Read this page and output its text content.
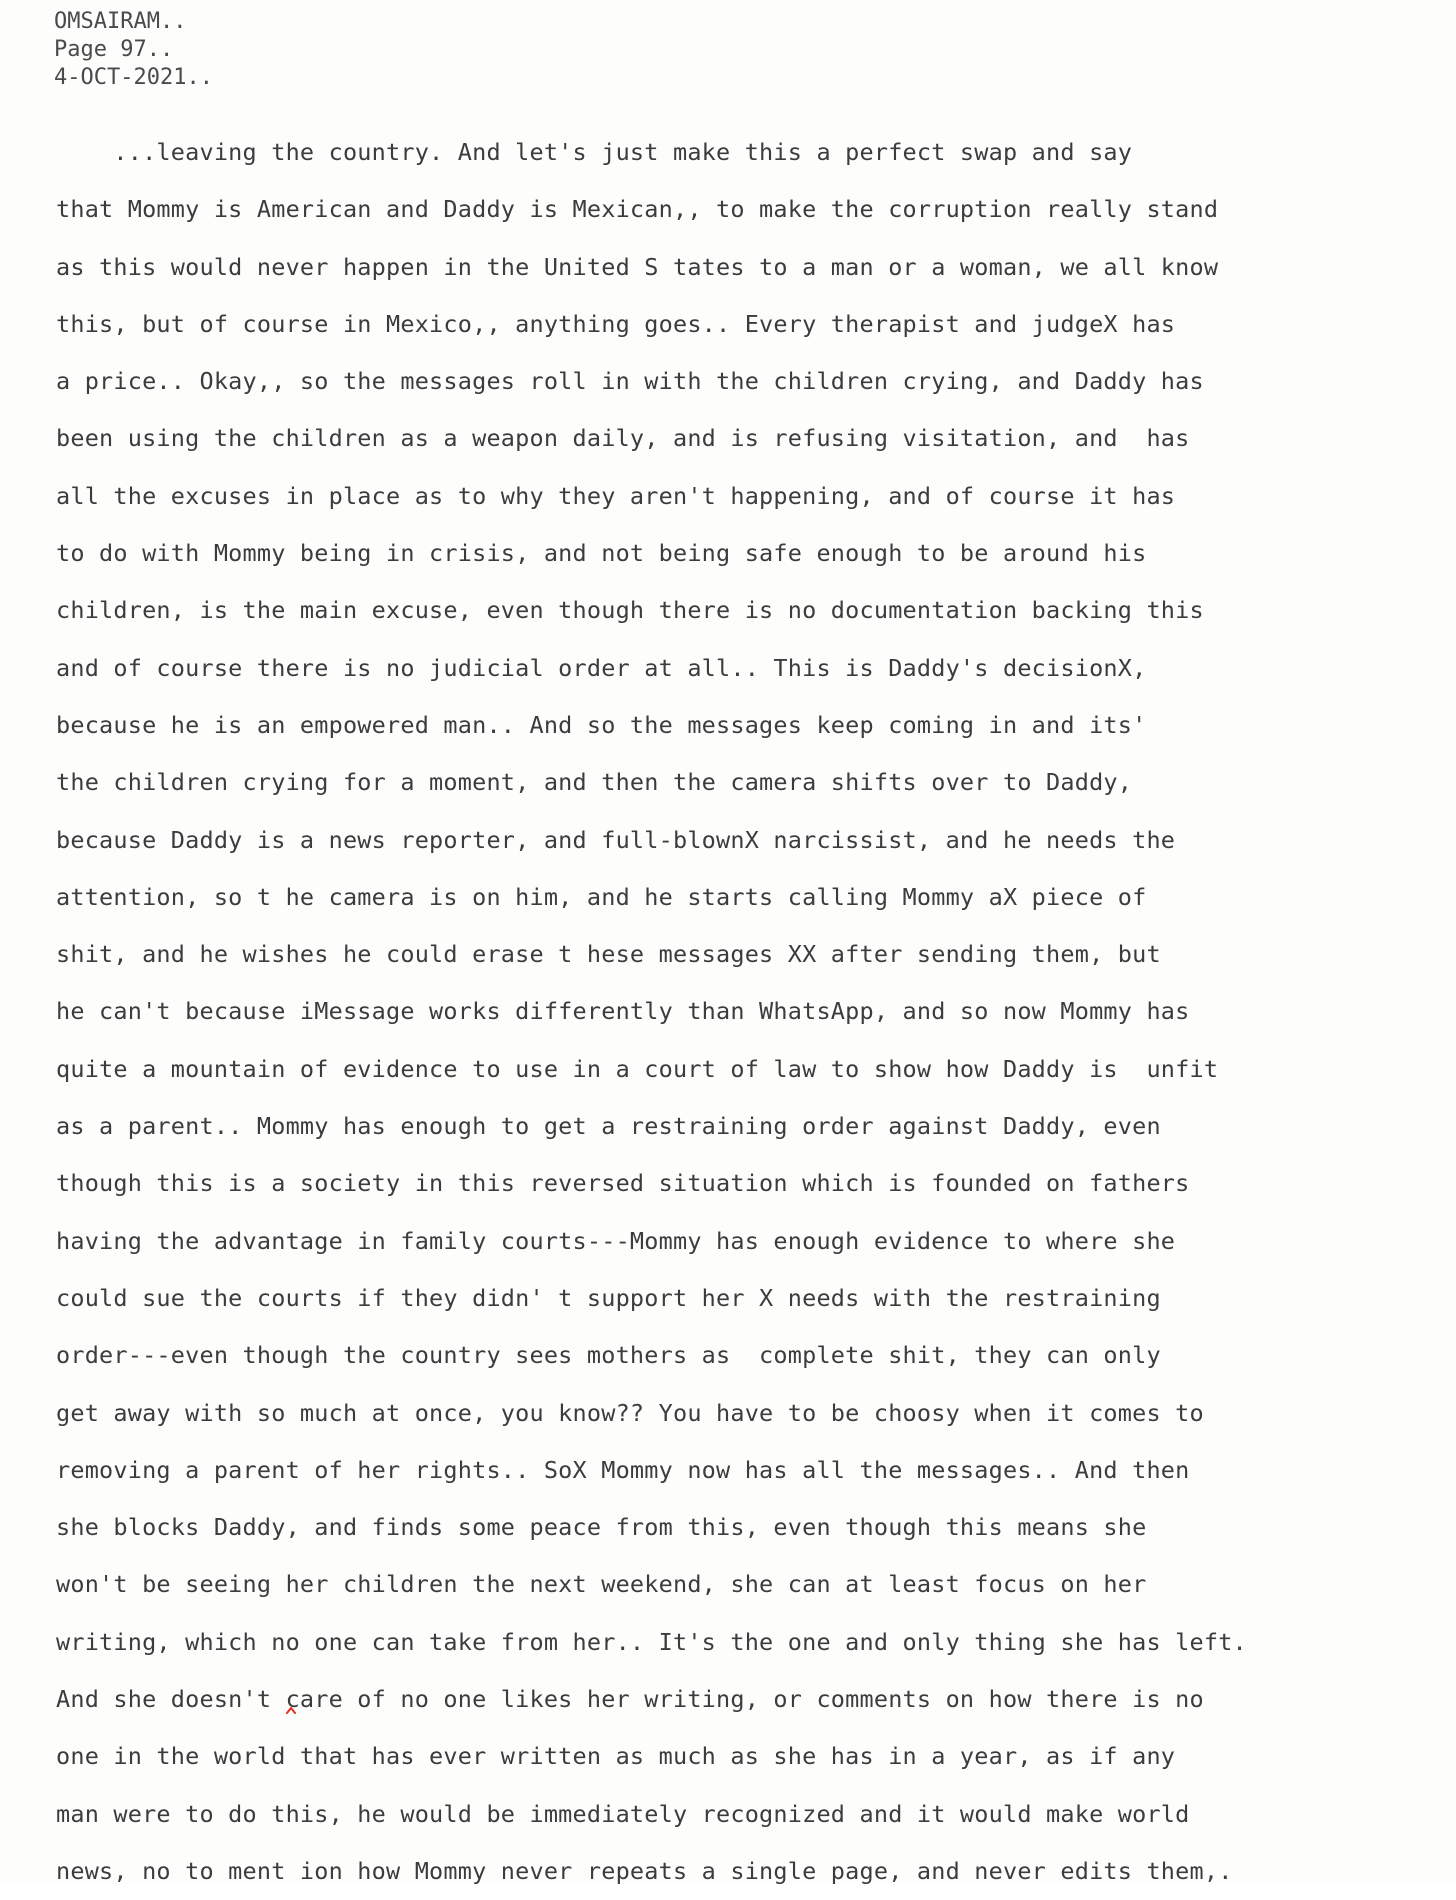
OMSAIRAM..
Page 97..
4-OCT-2021..
...leaving the country. And let's just make this a perfect swap and say
that Mommy is American and Daddy is Mexican,, to make the corruption really stand
as this would never happen in the United S tates to a man or a woman, we all know
this, but of course in Mexico,, anything goes.. Every therapist and judgeX has
a price.. Okay,, so the messages roll in with the children crying, and Daddy has
been using the children as a weapon daily, and is refusing visitation, and  has
all the excuses in place as to why they aren't happening, and of course it has
to do with Mommy being in crisis, and not being safe enough to be around his
children, is the main excuse, even though there is no documentation backing this
and of course there is no judicial order at all.. This is Daddy's decisionX,
because he is an empowered man.. And so the messages keep coming in and its'
the children crying for a moment, and then the camera shifts over to Daddy,
because Daddy is a news reporter, and full-blownX narcissist, and he needs the
attention, so t he camera is on him, and he starts calling Mommy aX piece of
shit, and he wishes he could erase t hese messages XX after sending them, but
he can't because iMessage works differently than WhatsApp, and so now Mommy has
quite a mountain of evidence to use in a court of law to show how Daddy is  unfit
as a parent.. Mommy has enough to get a restraining order against Daddy, even
though this is a society in this reversed situation which is founded on fathers
having the advantage in family courts---Mommy has enough evidence to where she
could sue the courts if they didn' t support her X needs with the restraining
order---even though the country sees mothers as  complete shit, they can only
get away with so much at once, you know?? You have to be choosy when it comes to
removing a parent of her rights.. SoX Mommy now has all the messages.. And then
she blocks Daddy, and finds some peace from this, even though this means she
won't be seeing her children the next weekend, she can at least focus on her
writing, which no one can take from her.. It's the one and only thing she has left.
And she doesn't care of no one likes her writing, or comments on how there is no
one in the world that has ever written as much as she has in a year, as if any
man were to do this, he would be immediately recognized and it would make world
news, no to ment ion how Mommy never repeats a single page, and never edits them,.
